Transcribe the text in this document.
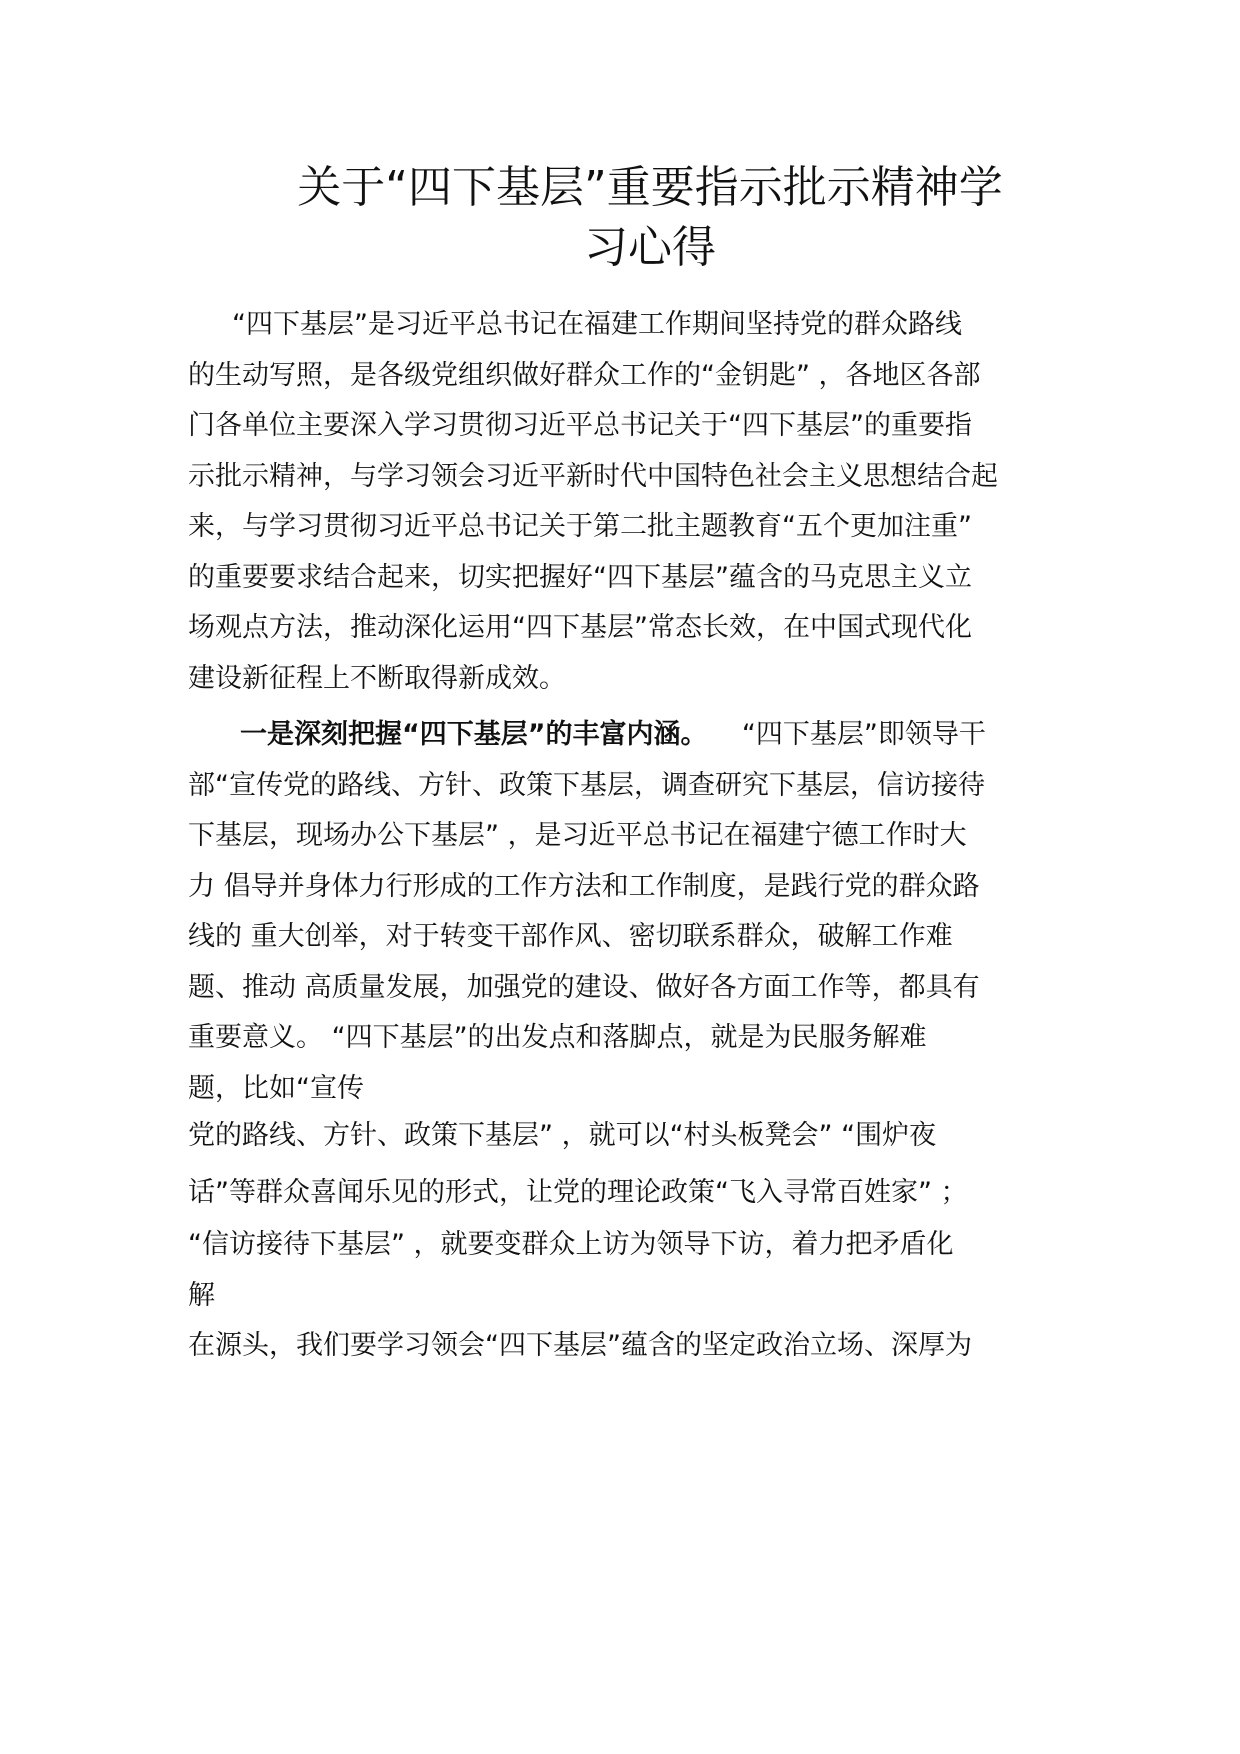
关于“四下基层”重要指示批示精神学
习心得

“四下基层”是习近平总书记在福建工作期间坚持党的群众路线

的生动写照，是各级党组织做好群众工作的“金钥匙” ，各地区各部

门各单位主要深入学习贯彻习近平总书记关于“四下基层”的重要指

示批示精神，与学习领会习近平新时代中国特色社会主义思想结合起

来，与学习贯彻习近平总书记关于第二批主题教育“五个更加注重”

的重要要求结合起来，切实把握好“四下基层”蕴含的马克思主义立

场观点方法，推动深化运用“四下基层”常态长效，在中国式现代化

建设新征程上不断取得新成效。

一是深刻把握“四下基层”的丰富内涵。 “四下基层”即领导干

部“宣传党的路线、方针、政策下基层，调查研究下基层，信访接待

下基层，现场办公下基层” ，是习近平总书记在福建宁德工作时大

力 倡导并身体力行形成的工作方法和工作制度，是践行党的群众路

线的 重大创举，对于转变干部作风、密切联系群众，破解工作难

题、推动 高质量发展，加强党的建设、做好各方面工作等，都具有

重要意义。 “四下基层”的出发点和落脚点，就是为民服务解难

题，比如“宣传

党的路线、方针、政策下基层” ，就可以“村头板凳会” “围炉夜

话”等群众喜闻乐见的形式，让党的理论政策“飞入寻常百姓家” ；

“信访接待下基层” ，就要变群众上访为领导下访，着力把矛盾化

解

在源头，我们要学习领会“四下基层”蕴含的坚定政治立场、深厚为
